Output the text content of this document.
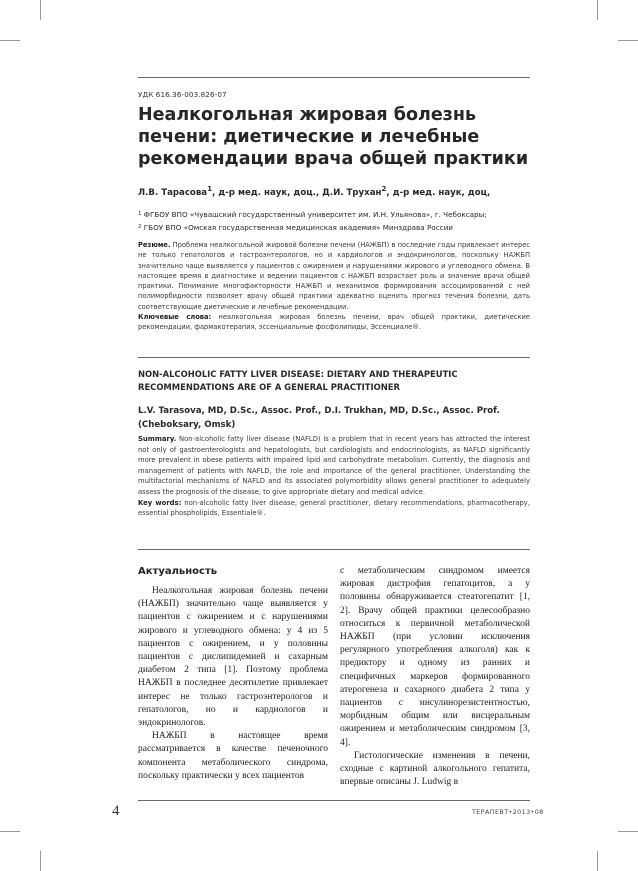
УДК 616.36-003.826-07
Неалкогольная жировая болезнь
печени: диетические и лечебные
рекомендации врача общей практики
Л.В. Тарасова$^1$, д-р мед. наук, доц., Д.И. Трухан$^2$, д-р мед. наук, доц,
$^1$ ФГБОУ ВПО «Чувашский государственный университет им. И.Н. Ульянова», г. Чебоксары;
$^2$ ГБОУ ВПО «Омская государственная медицинская академия» Минздрава России
Резюме. Проблема неалкогольной жировой болезни печени (НАЖБП) в последние годы привлекает интерес не только гепатологов и гастроэнтерологов, но и кардиологов и эндокринологов, поскольку НАЖБП значительно чаще выявляется у пациентов с ожирением и нарушениями жирового и углеводного обмена. В настоящее время в диагностике и ведении пациентов с НАЖБП возрастает роль и значение врача общей практики. Понимание многофакторности НАЖБП и механизмов формирования ассоциированной с ней полиморбидности позволяет врачу общей практики адекватно оценить прогноз течения болезни, дать соответствующие диетические и лечебные рекомендации.
Ключевые слова: неалкогольная жировая болезнь печени, врач общей практики, диетические рекомендации, фармакотерапия, эссенциальные фосфолипиды, Эссенциале®.
NON-ALCOHOLIC FATTY LIVER DISEASE: DIETARY AND THERAPEUTIC RECOMMENDATIONS ARE OF A GENERAL PRACTITIONER
L.V. Tarasova, MD, D.Sc., Assoc. Prof., D.I. Trukhan, MD, D.Sc., Assoc. Prof. (Cheboksary, Omsk)
Summary. Non-alcoholic fatty liver disease (NAFLD) is a problem that in recent years has attracted the interest not only of gastroenterologists and hepatologists, but cardiologists and endocrinologists, as NAFLD significantly more prevalent in obese patients with impaired lipid and carbohydrate metabolism. Currently, the diagnosis and management of patients with NAFLD, the role and importance of the general practitioner. Understanding the multifactorial mechanisms of NAFLD and its associated polymorbidity allows general practitioner to adequately assess the prognosis of the disease, to give appropriate dietary and medical advice.
Key words: non-alcoholic fatty liver disease, general practitioner, dietary recommendations, pharmacotherapy, essential phospholipids, Essentiale®.
Актуальность

Неалкогольная жировая болезнь печени (НАЖБП) значительно чаще выявляется у пациентов с ожирением и с нарушениями жирового и углеводного обмена: у 4 из 5 пациентов с ожирением, и у половины пациентов с дислипидемией и сахарным диабетом 2 типа [1]. Поэтому проблема НАЖБП в последнее десятилетие привлекает интерес не только гастроэнтерологов и гепатологов, но и кардиологов и эндокринологов.

НАЖБП в настоящее время рассматривается в качестве печеночного компонента метаболического синдрома, поскольку практически у всех пациентов

с метаболическим синдромом имеется жировая дистрофия гепатоцитов, а у половины обнаруживается стеатогепатит [1, 2]. Врачу общей практики целесообразно относиться к первичной метаболической НАЖБП (при условии исключения регулярного употребления алкоголя) как к предиктору и одному из ранних и специфичных маркеров формированного атерогенеза и сахарного диабета 2 типа у пациентов с инсулинорезистентностью, морбидным общим или висцеральным ожирением и метаболическим синдромом [3, 4].

Гистологические изменения в печени, сходные с картиной алкогольного гепатита, впервые описаны J. Ludwig в

4	ТЕРАПЕВТ•2013•08
